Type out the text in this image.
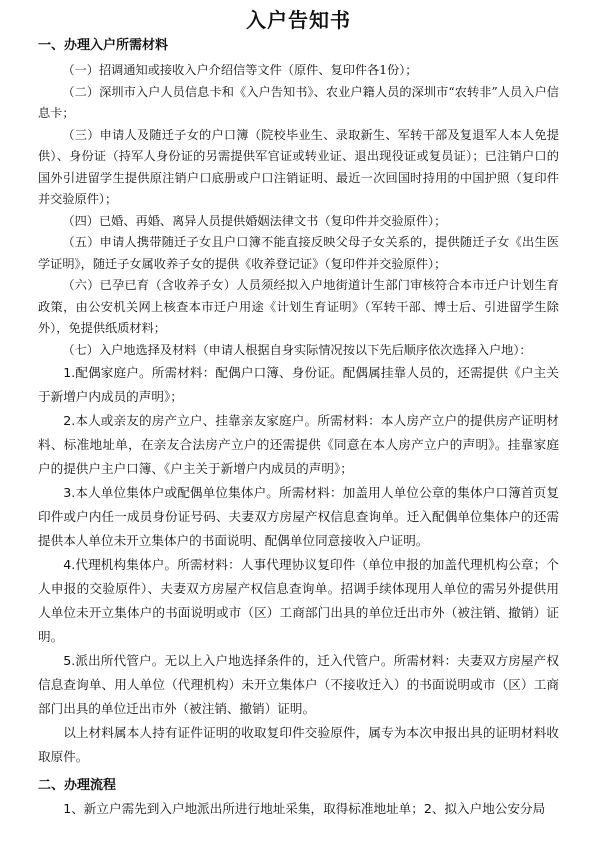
入户告知书
一、办理入户所需材料

（一）招调通知或接收入户介绍信等文件（原件、复印件各1份）；

（二）深圳市入户人员信息卡和《入户告知书》、农业户籍人员的深圳市“农转非”人员入户信息卡；

（三）申请人及随迁子女的户口簿（院校毕业生、录取新生、军转干部及复退军人本人免提供）、身份证（持军人身份证的另需提供军官证或转业证、退出现役证或复员证）；已注销户口的国外引进留学生提供原注销户口底册或户口注销证明、最近一次回国时持用的中国护照（复印件并交验原件）；

（四）已婚、再婚、离异人员提供婚姻法律文书（复印件并交验原件）；

（五）申请人携带随迁子女且户口簿不能直接反映父母子女关系的，提供随迁子女《出生医学证明》，随迁子女属收养子女的提供《收养登记证》（复印件并交验原件）；

（六）已孕已育（含收养子女）人员须经拟入户地街道计生部门审核符合本市迁户计划生育政策，由公安机关网上核查本市迁户用途《计划生育证明》（军转干部、博士后、引进留学生除外），免提供纸质材料；

（七）入户地选择及材料（申请人根据自身实际情况按以下先后顺序依次选择入户地）：

1.配偶家庭户。所需材料：配偶户口簿、身份证。配偶属挂靠人员的，还需提供《户主关于新增户内成员的声明》；

2.本人或亲友的房产立户、挂靠亲友家庭户。所需材料：本人房产立户的提供房产证明材料、标准地址单，在亲友合法房产立户的还需提供《同意在本人房产立户的声明》。挂靠家庭户的提供户主户口簿、《户主关于新增户内成员的声明》；

3.本人单位集体户或配偶单位集体户。所需材料：加盖用人单位公章的集体户口簿首页复印件或户内任一成员身份证号码、夫妻双方房屋产权信息查询单。迁入配偶单位集体户的还需提供本人单位未开立集体户的书面说明、配偶单位同意接收入户证明。

4.代理机构集体户。所需材料：人事代理协议复印件（单位申报的加盖代理机构公章；个人申报的交验原件）、夫妻双方房屋产权信息查询单。招调手续体现用人单位的需另外提供用人单位未开立集体户的书面说明或市（区）工商部门出具的单位迁出市外（被注销、撤销）证明。

5.派出所代管户。无以上入户地选择条件的，迁入代管户。所需材料：夫妻双方房屋产权信息查询单、用人单位（代理机构）未开立集体户（不接收迁入）的书面说明或市（区）工商部门出具的单位迁出市外（被注销、撤销）证明。

以上材料属本人持有证件证明的收取复印件交验原件，属专为本次申报出具的证明材料收取原件。

二、办理流程

1、新立户需先到入户地派出所进行地址采集，取得标准地址单；2、拟入户地公安分局
